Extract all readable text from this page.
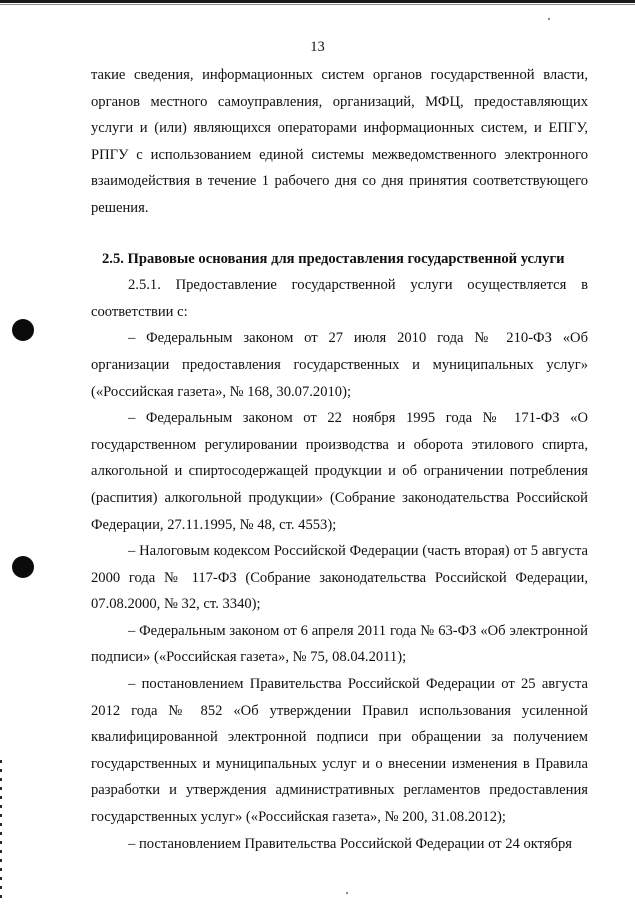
13

такие сведения, информационных систем органов государственной власти, органов местного самоуправления, организаций, МФЦ, предоставляющих услуги и (или) являющихся операторами информационных систем, и ЕПГУ, РПГУ с использованием единой системы межведомственного электронного взаимодействия в течение 1 рабочего дня со дня принятия соответствующего решения.

2.5. Правовые основания для предоставления государственной услуги

2.5.1. Предоставление государственной услуги осуществляется в соответствии с:

– Федеральным законом от 27 июля 2010 года № 210-ФЗ «Об организации предоставления государственных и муниципальных услуг» («Российская газета», № 168, 30.07.2010);

– Федеральным законом от 22 ноября 1995 года № 171-ФЗ «О государственном регулировании производства и оборота этилового спирта, алкогольной и спиртосодержащей продукции и об ограничении потребления (распития) алкогольной продукции» (Собрание законодательства Российской Федерации, 27.11.1995, № 48, ст. 4553);

– Налоговым кодексом Российской Федерации (часть вторая) от 5 августа 2000 года № 117-ФЗ (Собрание законодательства Российской Федерации, 07.08.2000, № 32, ст. 3340);

– Федеральным законом от 6 апреля 2011 года № 63-ФЗ «Об электронной подписи» («Российская газета», № 75, 08.04.2011);

– постановлением Правительства Российской Федерации от 25 августа 2012 года № 852 «Об утверждении Правил использования усиленной квалифицированной электронной подписи при обращении за получением государственных и муниципальных услуг и о внесении изменения в Правила разработки и утверждения административных регламентов предоставления государственных услуг» («Российская газета», № 200, 31.08.2012);

– постановлением Правительства Российской Федерации от 24 октября
